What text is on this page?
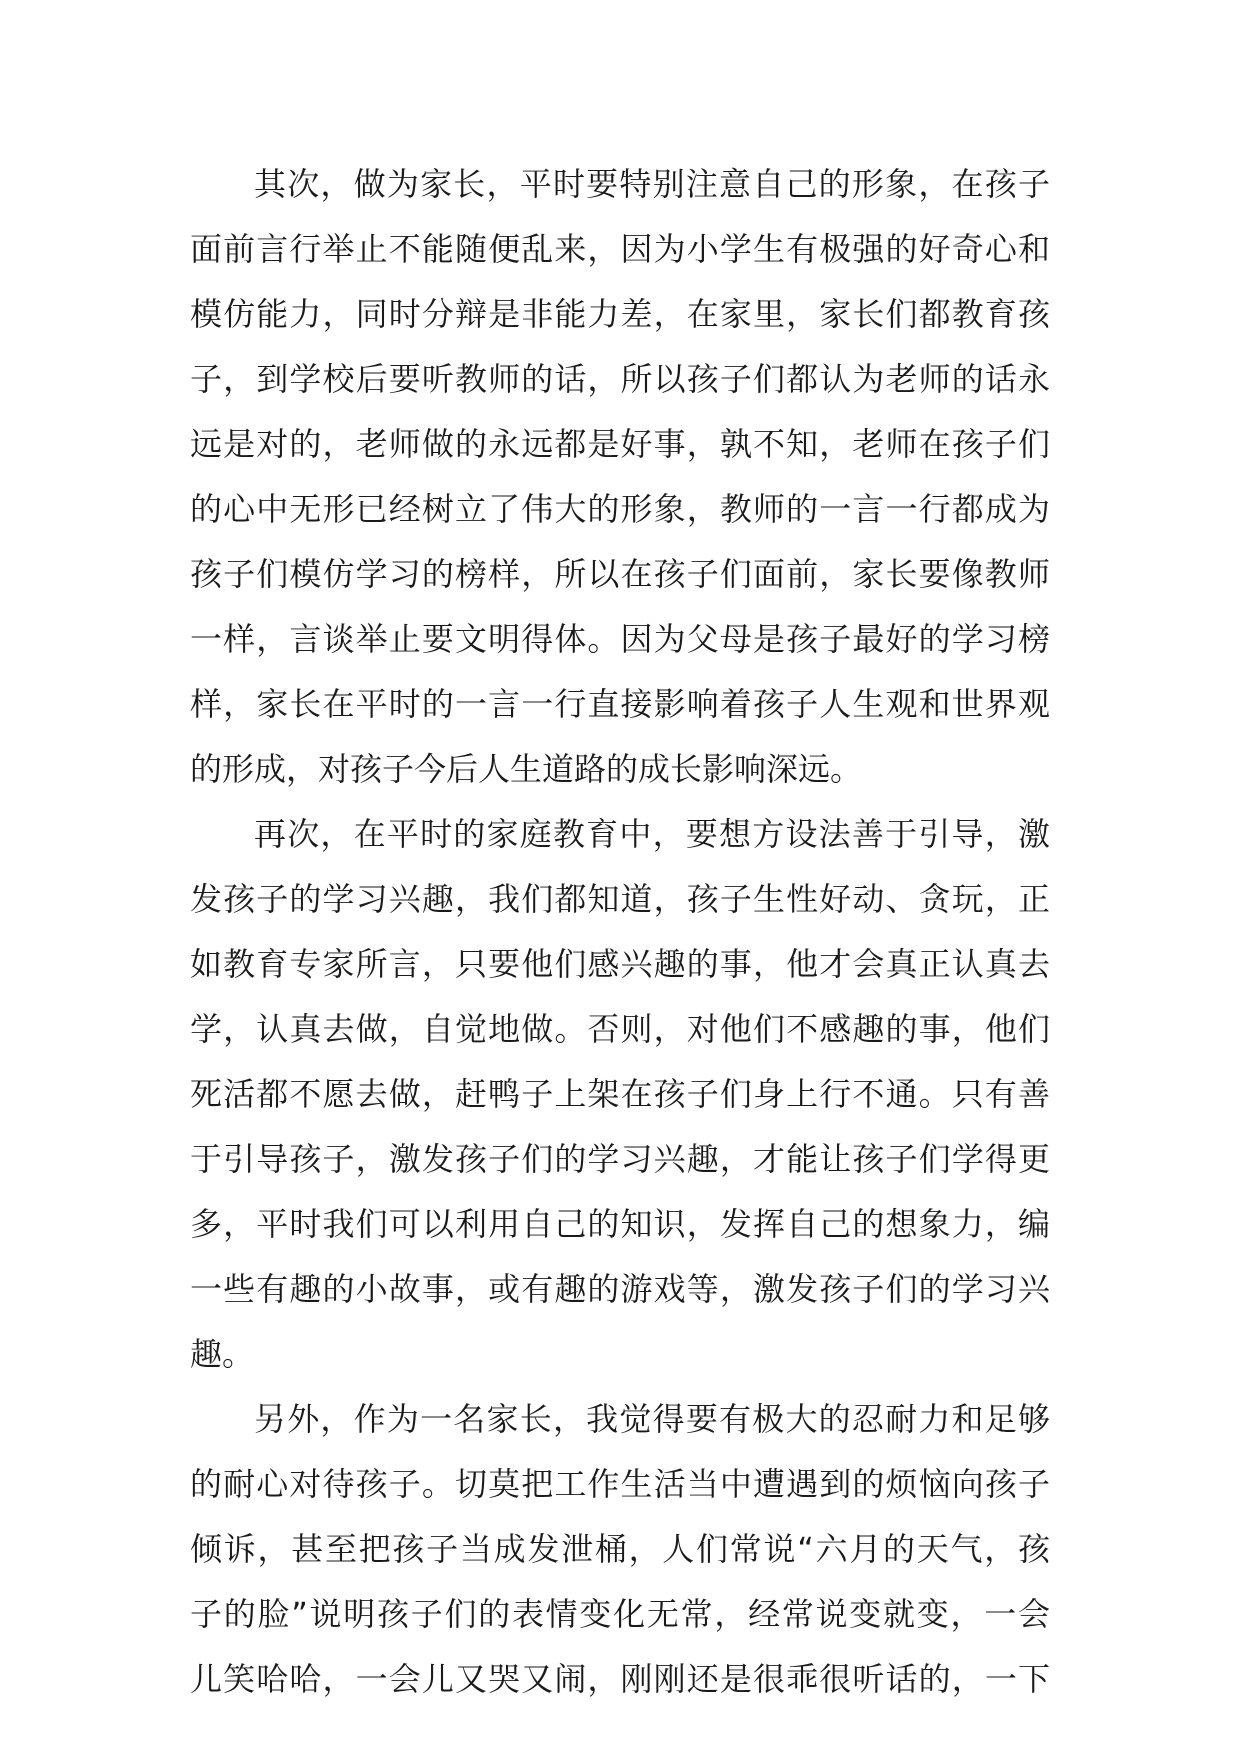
其次，做为家长，平时要特别注意自己的形象，在孩子
面前言行举止不能随便乱来，因为小学生有极强的好奇心和
模仿能力，同时分辩是非能力差，在家里，家长们都教育孩
子，到学校后要听教师的话，所以孩子们都认为老师的话永
远是对的，老师做的永远都是好事，孰不知，老师在孩子们
的心中无形已经树立了伟大的形象，教师的一言一行都成为
孩子们模仿学习的榜样，所以在孩子们面前，家长要像教师
一样，言谈举止要文明得体。因为父母是孩子最好的学习榜
样，家长在平时的一言一行直接影响着孩子人生观和世界观
的形成，对孩子今后人生道路的成长影响深远。
再次，在平时的家庭教育中，要想方设法善于引导，激
发孩子的学习兴趣，我们都知道，孩子生性好动、贪玩，正
如教育专家所言，只要他们感兴趣的事，他才会真正认真去
学，认真去做，自觉地做。否则，对他们不感趣的事，他们
死活都不愿去做，赶鸭子上架在孩子们身上行不通。只有善
于引导孩子，激发孩子们的学习兴趣，才能让孩子们学得更
多，平时我们可以利用自己的知识，发挥自己的想象力，编
一些有趣的小故事，或有趣的游戏等，激发孩子们的学习兴
趣。
另外，作为一名家长，我觉得要有极大的忍耐力和足够
的耐心对待孩子。切莫把工作生活当中遭遇到的烦恼向孩子
倾诉，甚至把孩子当成发泄桶，人们常说“六月的天气，孩
子的脸”说明孩子们的表情变化无常，经常说变就变，一会
儿笑哈哈，一会儿又哭又闹，刚刚还是很乖很听话的，一下
